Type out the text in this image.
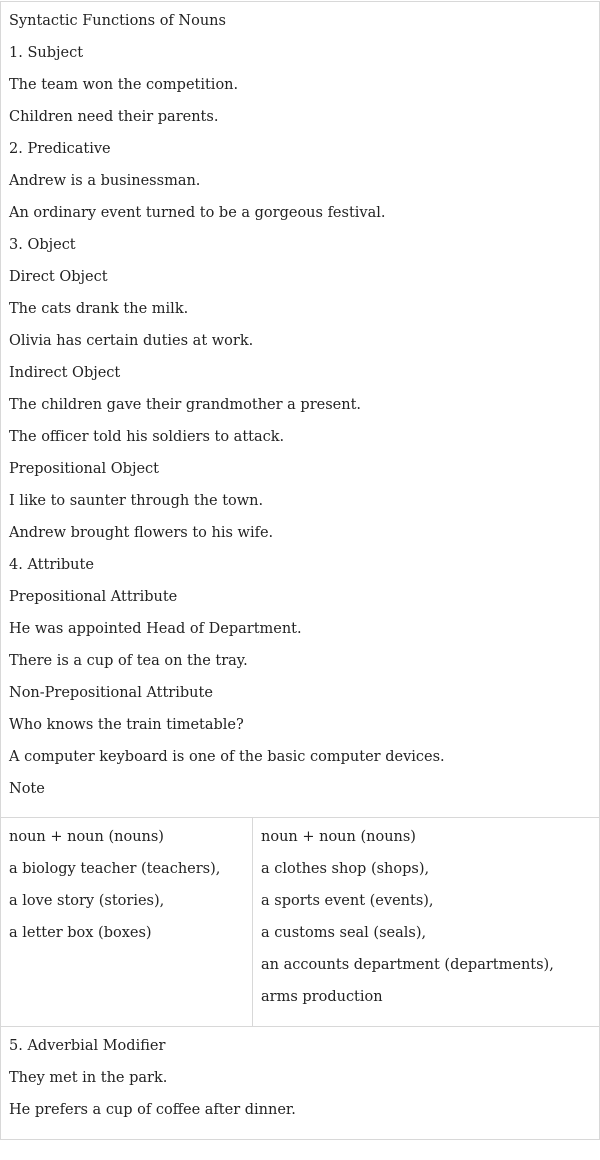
Syntactic Functions of Nouns
1. Subject
The team won the competition.
Children need their parents.
2. Predicative
Andrew is a businessman.
An ordinary event turned to be a gorgeous festival.
3. Object
Direct Object
The cats drank the milk.
Olivia has certain duties at work.
Indirect Object
The children gave their grandmother a present.
The officer told his soldiers to attack.
Prepositional Object
I like to saunter through the town.
Andrew brought flowers to his wife.
4. Attribute
Prepositional Attribute
He was appointed Head of Department.
There is a cup of tea on the tray.
Non-Prepositional Attribute
Who knows the train timetable?
A computer keyboard is one of the basic computer devices.
Note
noun + noun (nouns)
a biology teacher (teachers),
a love story (stories),
a letter box (boxes)
noun + noun (nouns)
a clothes shop (shops),
a sports event (events),
a customs seal (seals),
an accounts department (departments),
arms production
5. Adverbial Modifier
They met in the park.
He prefers a cup of coffee after dinner.
